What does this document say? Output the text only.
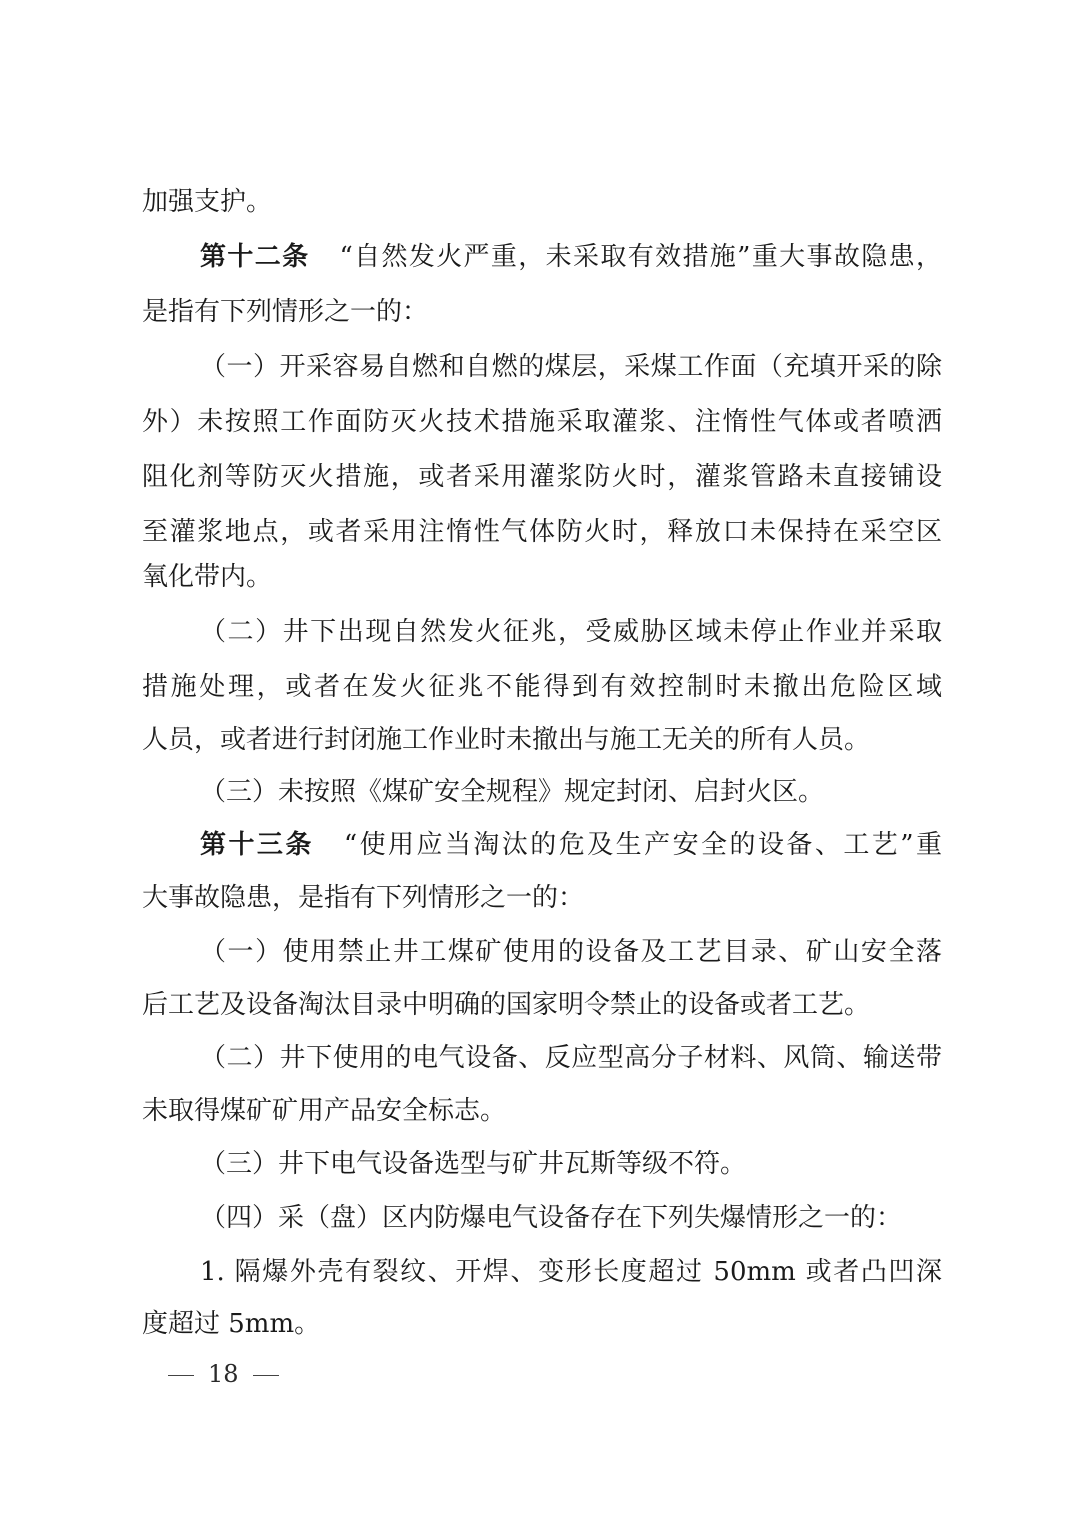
加强支护。
第十二条 “自然发火严重，未采取有效措施”重大事故隐患，
是指有下列情形之一的：
（一）开采容易自燃和自燃的煤层，采煤工作面（充填开采的除
外）未按照工作面防灭火技术措施采取灌浆、注惰性气体或者喷洒
阻化剂等防灭火措施，或者采用灌浆防火时，灌浆管路未直接铺设
至灌浆地点，或者采用注惰性气体防火时，释放口未保持在采空区
氧化带内。
（二）井下出现自然发火征兆，受威胁区域未停止作业并采取
措施处理，或者在发火征兆不能得到有效控制时未撤出危险区域
人员，或者进行封闭施工作业时未撤出与施工无关的所有人员。
（三）未按照《煤矿安全规程》规定封闭、启封火区。
第十三条 “使用应当淘汰的危及生产安全的设备、工艺”重
大事故隐患，是指有下列情形之一的：
（一）使用禁止井工煤矿使用的设备及工艺目录、矿山安全落
后工艺及设备淘汰目录中明确的国家明令禁止的设备或者工艺。
（二）井下使用的电气设备、反应型高分子材料、风筒、输送带
未取得煤矿矿用产品安全标志。
（三）井下电气设备选型与矿井瓦斯等级不符。
（四）采（盘）区内防爆电气设备存在下列失爆情形之一的：
1. 隔爆外壳有裂纹、开焊、变形长度超过 50mm 或者凸凹深
度超过 5mm。
18
